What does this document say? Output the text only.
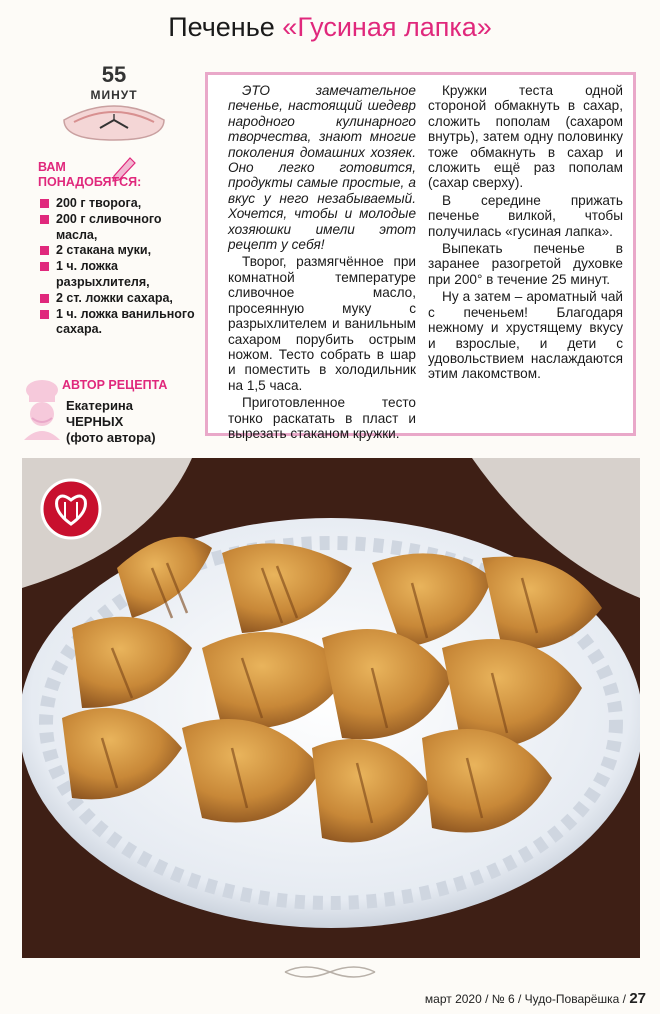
Печенье «Гусиная лапка»
55
МИНУТ
ВАМ
ПОНАДОБЯТСЯ:
200 г творога,
200 г сливочного масла,
2 стакана муки,
1 ч. ложка разрыхлителя,
2 ст. ложки сахара,
1 ч. ложка ванильного сахара.
АВТОР РЕЦЕПТА
Екатерина
ЧЕРНЫХ
(фото автора)

ЭТО замечательное печенье, настоящий шедевр народного кулинарного творчества, знают многие поколения домашних хозяек. Оно легко готовится, продукты самые простые, а вкус у него незабываемый. Хочется, чтобы и молодые хозяюшки имели этот рецепт у себя!

Творог, размягчённое при комнатной температуре сливочное масло, просеянную муку с разрыхлителем и ванильным сахаром порубить острым ножом. Тесто собрать в шар и поместить в холодильник на 1,5 часа.

Приготовленное тесто тонко раскатать в пласт и вырезать стаканом кружки.

Кружки теста одной стороной обмакнуть в сахар, сложить пополам (сахаром внутрь), затем одну половинку тоже обмакнуть в сахар и сложить ещё раз пополам (сахар сверху).

В середине прижать печенье вилкой, чтобы получилась «гусиная лапка».

Выпекать печенье в заранее разогретой духовке при 200° в течение 25 минут.

Ну а затем – ароматный чай с печеньем! Благодаря нежному и хрустящему вкусу и взрослые, и дети с удовольствием наслаждаются этим лакомством.

март 2020 / № 6 / Чудо-Поварёшка / 27
